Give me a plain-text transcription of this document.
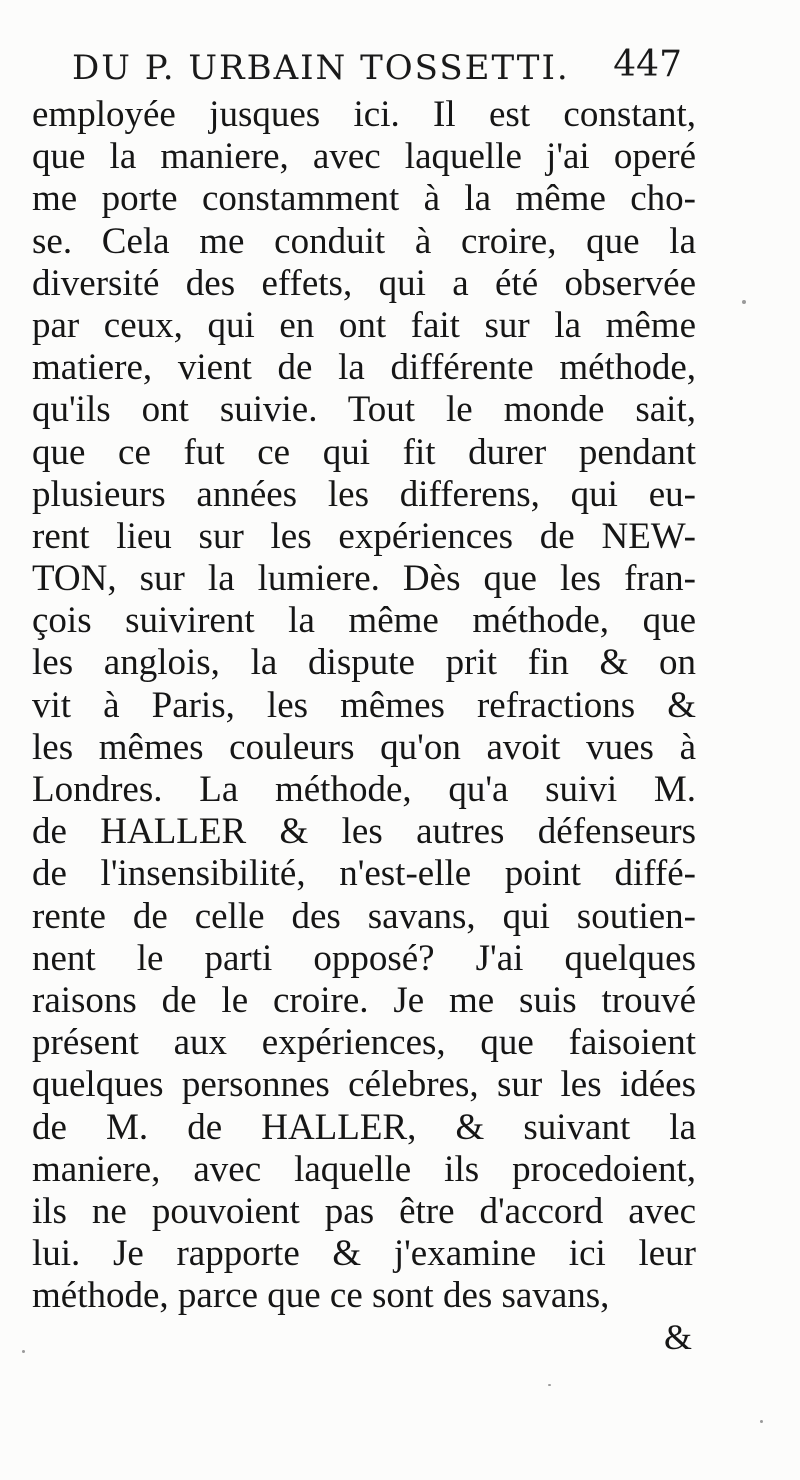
DU P. URBAIN TOSSETTI. 447
employée jusques ici. Il est constant,
que la maniere, avec laquelle j'ai operé
me porte constamment à la même cho-
se. Cela me conduit à croire, que la
diversité des effets, qui a été observée
par ceux, qui en ont fait sur la même
matiere, vient de la différente méthode,
qu'ils ont suivie. Tout le monde sait,
que ce fut ce qui fit durer pendant
plusieurs années les differens, qui eu-
rent lieu sur les expériences de NEW-
TON, sur la lumiere. Dès que les fran-
çois suivirent la même méthode, que
les anglois, la dispute prit fin & on
vit à Paris, les mêmes refractions &
les mêmes couleurs qu'on avoit vues à
Londres. La méthode, qu'a suivi M.
de HALLER & les autres défenseurs
de l'insensibilité, n'est-elle point diffé-
rente de celle des savans, qui soutien-
nent le parti opposé? J'ai quelques
raisons de le croire. Je me suis trouvé
présent aux expériences, que faisoient
quelques personnes célebres, sur les idées
de M. de HALLER, & suivant la
maniere, avec laquelle ils procedoient,
ils ne pouvoient pas être d'accord avec
lui. Je rapporte & j'examine ici leur
méthode, parce que ce sont des savans,
&
